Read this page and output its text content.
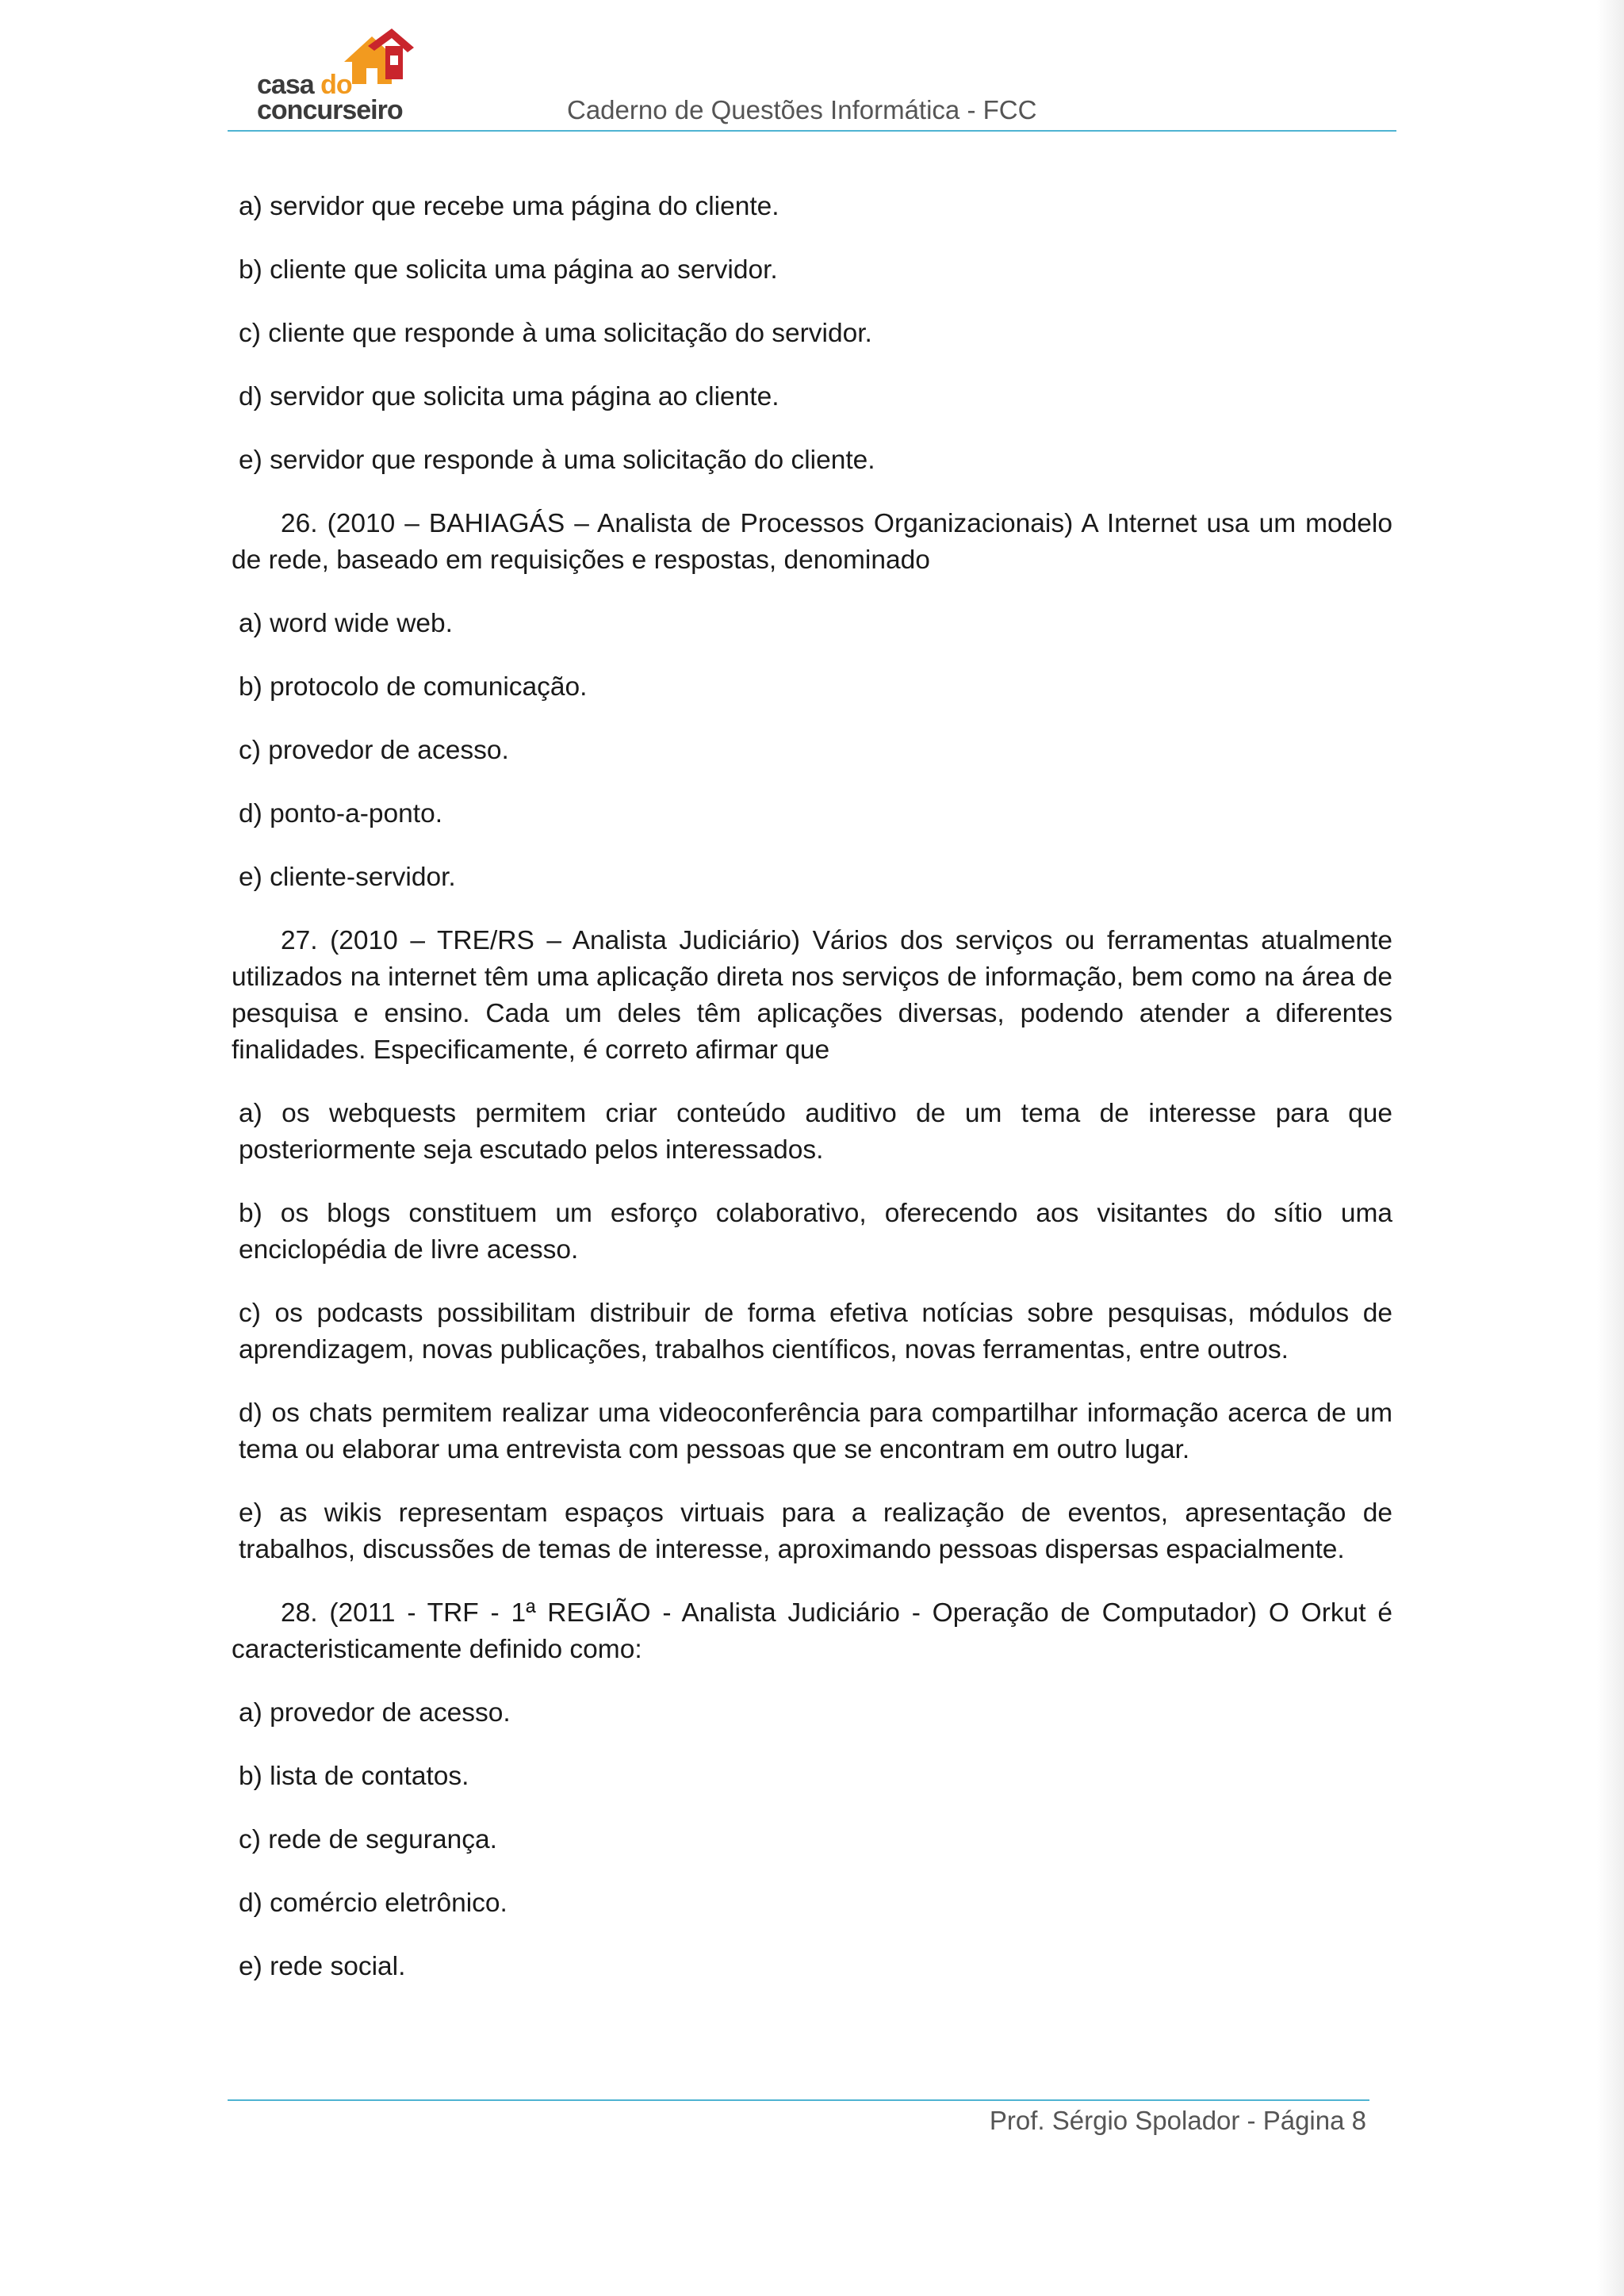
casa do
concurseiro	Caderno de Questões Informática - FCC

a) servidor que recebe uma página do cliente.

b) cliente que solicita uma página ao servidor.

c) cliente que responde à uma solicitação do servidor.

d) servidor que solicita uma página ao cliente.

e) servidor que responde à uma solicitação do cliente.

26. (2010 – BAHIAGÁS – Analista de Processos Organizacionais) A Internet usa um modelo de rede, baseado em requisições e respostas, denominado

a) word wide web.

b) protocolo de comunicação.

c) provedor de acesso.

d) ponto-a-ponto.

e) cliente-servidor.

27. (2010 – TRE/RS – Analista Judiciário) Vários dos serviços ou ferramentas atualmente utilizados na internet têm uma aplicação direta nos serviços de informação, bem como na área de pesquisa e ensino. Cada um deles têm aplicações diversas, podendo atender a diferentes finalidades. Especificamente, é correto afirmar que

a) os webquests permitem criar conteúdo auditivo de um tema de interesse para que posteriormente seja escutado pelos interessados.

b) os blogs constituem um esforço colaborativo, oferecendo aos visitantes do sítio uma enciclopédia de livre acesso.

c) os podcasts possibilitam distribuir de forma efetiva notícias sobre pesquisas, módulos de aprendizagem, novas publicações, trabalhos científicos, novas ferramentas, entre outros.

d) os chats permitem realizar uma videoconferência para compartilhar informação acerca de um tema ou elaborar uma entrevista com pessoas que se encontram em outro lugar.

e) as wikis representam espaços virtuais para a realização de eventos, apresentação de trabalhos, discussões de temas de interesse, aproximando pessoas dispersas espacialmente.

28. (2011 - TRF - 1ª REGIÃO - Analista Judiciário - Operação de Computador) O Orkut é caracteristicamente definido como:

a) provedor de acesso.

b) lista de contatos.

c) rede de segurança.

d) comércio eletrônico.

e) rede social.

Prof. Sérgio Spolador - Página 8
